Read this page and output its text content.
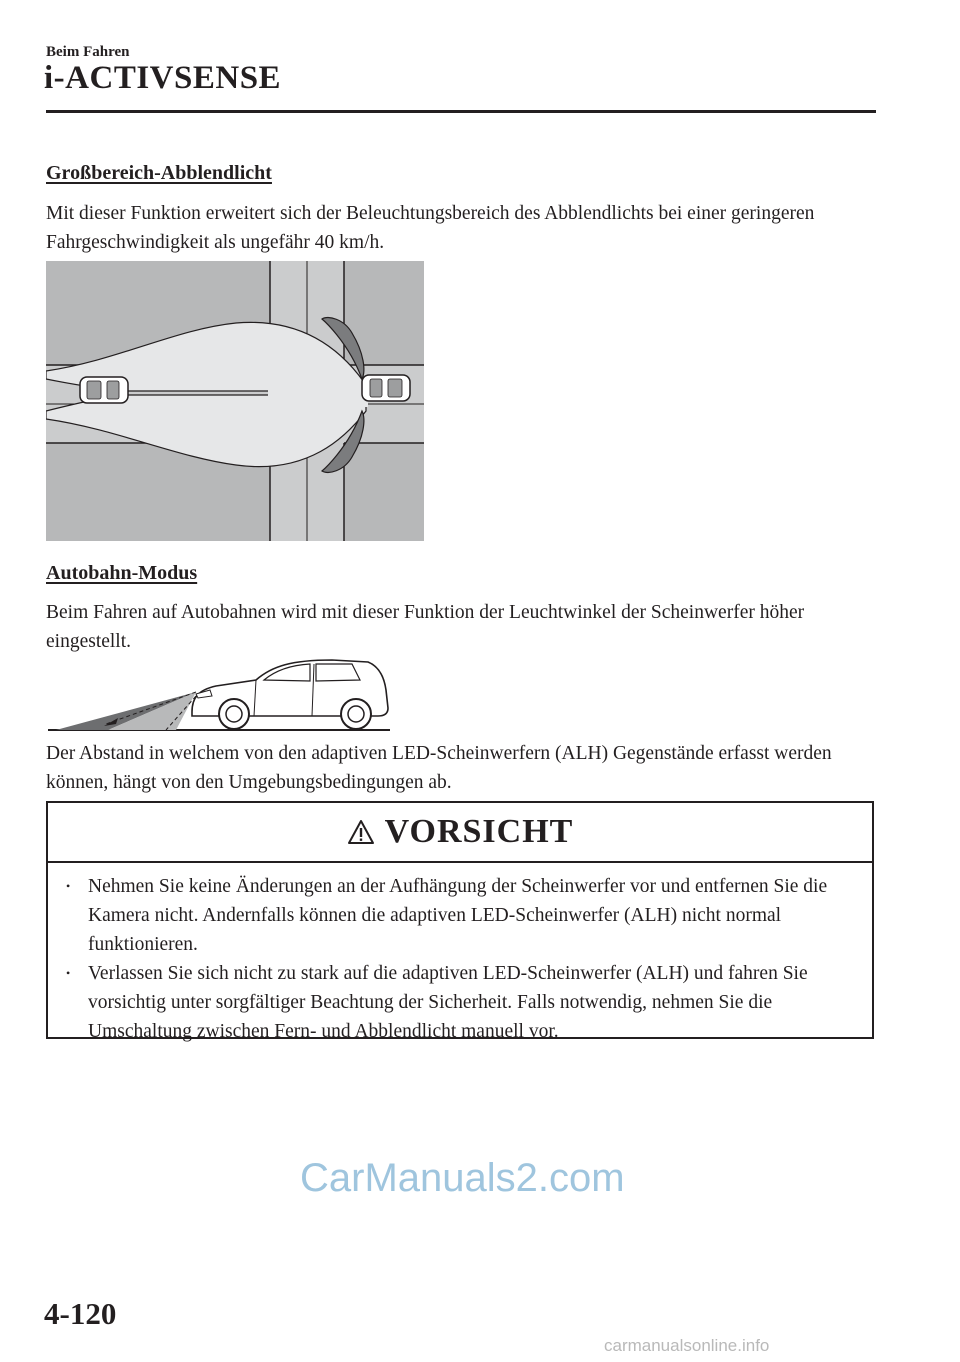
Beim Fahren
i-ACTIVSENSE
Großbereich-Abblendlicht
Mit dieser Funktion erweitert sich der Beleuchtungsbereich des Abblendlichts bei einer geringeren Fahrgeschwindigkeit als ungefähr 40 km/h.
Autobahn-Modus
Beim Fahren auf Autobahnen wird mit dieser Funktion der Leuchtwinkel der Scheinwerfer höher eingestellt.
Der Abstand in welchem von den adaptiven LED-Scheinwerfern (ALH) Gegenstände erfasst werden können, hängt von den Umgebungsbedingungen ab.
VORSICHT
• Nehmen Sie keine Änderungen an der Aufhängung der Scheinwerfer vor und entfernen Sie die Kamera nicht. Andernfalls können die adaptiven LED-Scheinwerfer (ALH) nicht normal funktionieren.
• Verlassen Sie sich nicht zu stark auf die adaptiven LED-Scheinwerfer (ALH) und fahren Sie vorsichtig unter sorgfältiger Beachtung der Sicherheit. Falls notwendig, nehmen Sie die Umschaltung zwischen Fern- und Abblendlicht manuell vor.
CarManuals2.com
4-120
carmanualsonline.info
